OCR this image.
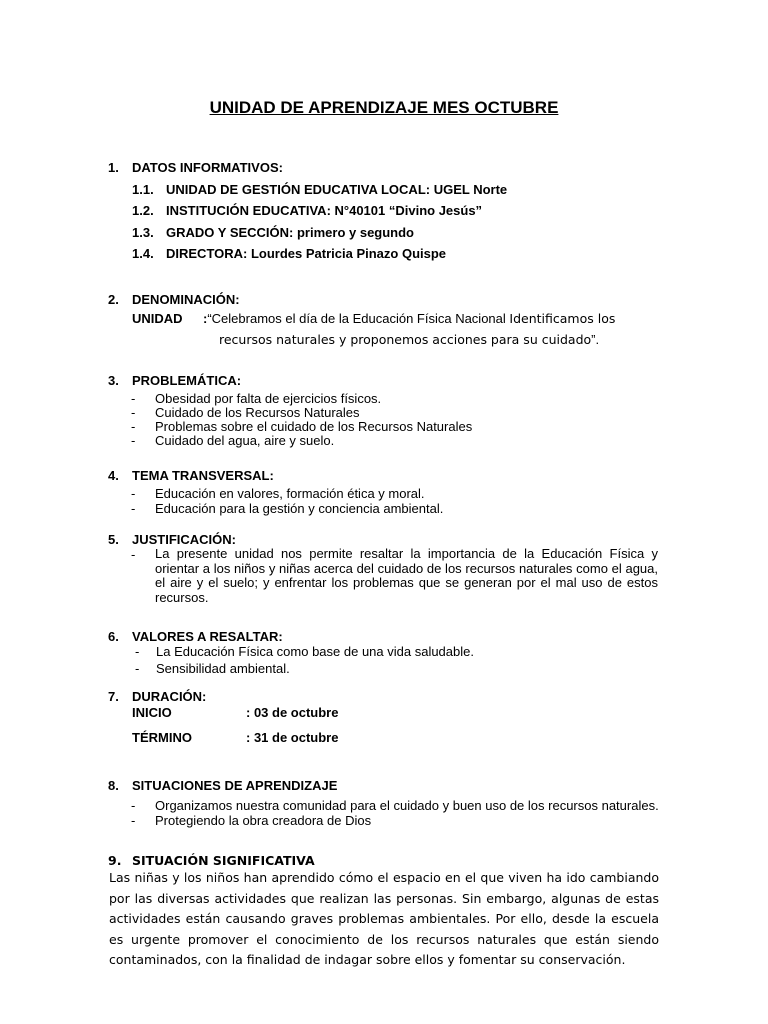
UNIDAD DE APRENDIZAJE MES OCTUBRE
1. DATOS INFORMATIVOS:
1.1. UNIDAD DE GESTIÓN EDUCATIVA LOCAL: UGEL Norte
1.2. INSTITUCIÓN EDUCATIVA: N°40101 “Divino Jesús”
1.3. GRADO Y SECCIÓN: primero y segundo
1.4. DIRECTORA: Lourdes Patricia Pinazo Quispe
2. DENOMINACIÓN:
UNIDAD :“Celebramos el día de la Educación Física Nacional Identificamos los
recursos naturales y proponemos acciones para su cuidado”.
3. PROBLEMÁTICA:
- Obesidad por falta de ejercicios físicos.
- Cuidado de los Recursos Naturales
- Problemas sobre el cuidado de los Recursos Naturales
- Cuidado del agua, aire y suelo.
4. TEMA TRANSVERSAL:
- Educación en valores, formación ética y moral.
- Educación para la gestión y conciencia ambiental.
5. JUSTIFICACIÓN:
-	La presente unidad nos permite resaltar la importancia de la Educación Física y orientar a los niños y niñas acerca del cuidado de los recursos naturales como el agua, el aire y el suelo; y enfrentar los problemas que se generan por el mal uso de estos recursos.
6. VALORES A RESALTAR:
- La Educación Física como base de una vida saludable.
- Sensibilidad ambiental.
7. DURACIÓN:
INICIO	: 03 de octubre
TÉRMINO	: 31 de octubre
8. SITUACIONES DE APRENDIZAJE
- Organizamos nuestra comunidad para el cuidado y buen uso de los recursos naturales.
- Protegiendo la obra creadora de Dios
9. SITUACIÓN SIGNIFICATIVA
Las niñas y los niños han aprendido cómo el espacio en el que viven ha ido cambiando por las diversas actividades que realizan las personas. Sin embargo, algunas de estas actividades están causando graves problemas ambientales. Por ello, desde la escuela es urgente promover el conocimiento de los recursos naturales que están siendo contaminados, con la finalidad de indagar sobre ellos y fomentar su conservación.
